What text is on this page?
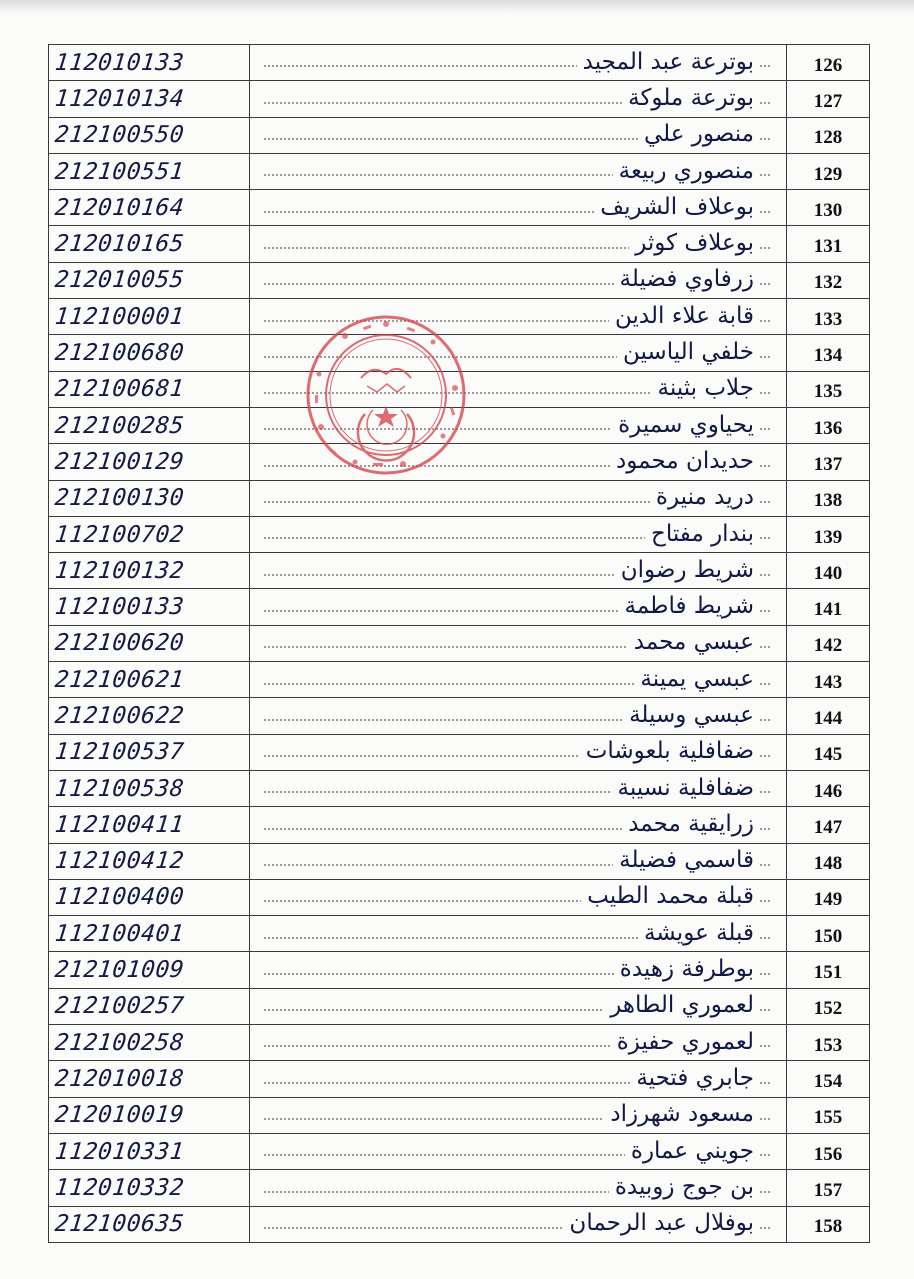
112010133	بوترعة عبد المجيد	126

112010134	بوترعة ملوكة	127

212100550	منصور علي	128

212100551	منصوري ربيعة	129

212010164	بوعلاف الشريف	130

212010165	بوعلاف كوثر	131

212010055	زرفاوي فضيلة	132

112100001	قابة علاء الدين	133

212100680	خلفي الياسين	134

212100681	جلاب بثينة	135

212100285	يحياوي سميرة	136

212100129	حديدان محمود	137

212100130	دريد منيرة	138

112100702	بندار مفتاح	139

112100132	شريط رضوان	140

112100133	شريط فاطمة	141

212100620	عبسي محمد	142

212100621	عبسي يمينة	143

212100622	عبسي وسيلة	144

112100537	ضفافلية بلعوشات	145

112100538	ضفافلية نسيبة	146

112100411	زرايقية محمد	147

112100412	قاسمي فضيلة	148

112100400	قبلة محمد الطيب	149

112100401	قبلة عويشة	150

212101009	بوطرفة زهيدة	151

212100257	لعموري الطاهر	152

212100258	لعموري حفيزة	153

212010018	جابري فتحية	154

212010019	مسعود شهرزاد	155

112010331	جويني عمارة	156

112010332	بن جوج زوبيدة	157

212100635	بوفلال عبد الرحمان	158
